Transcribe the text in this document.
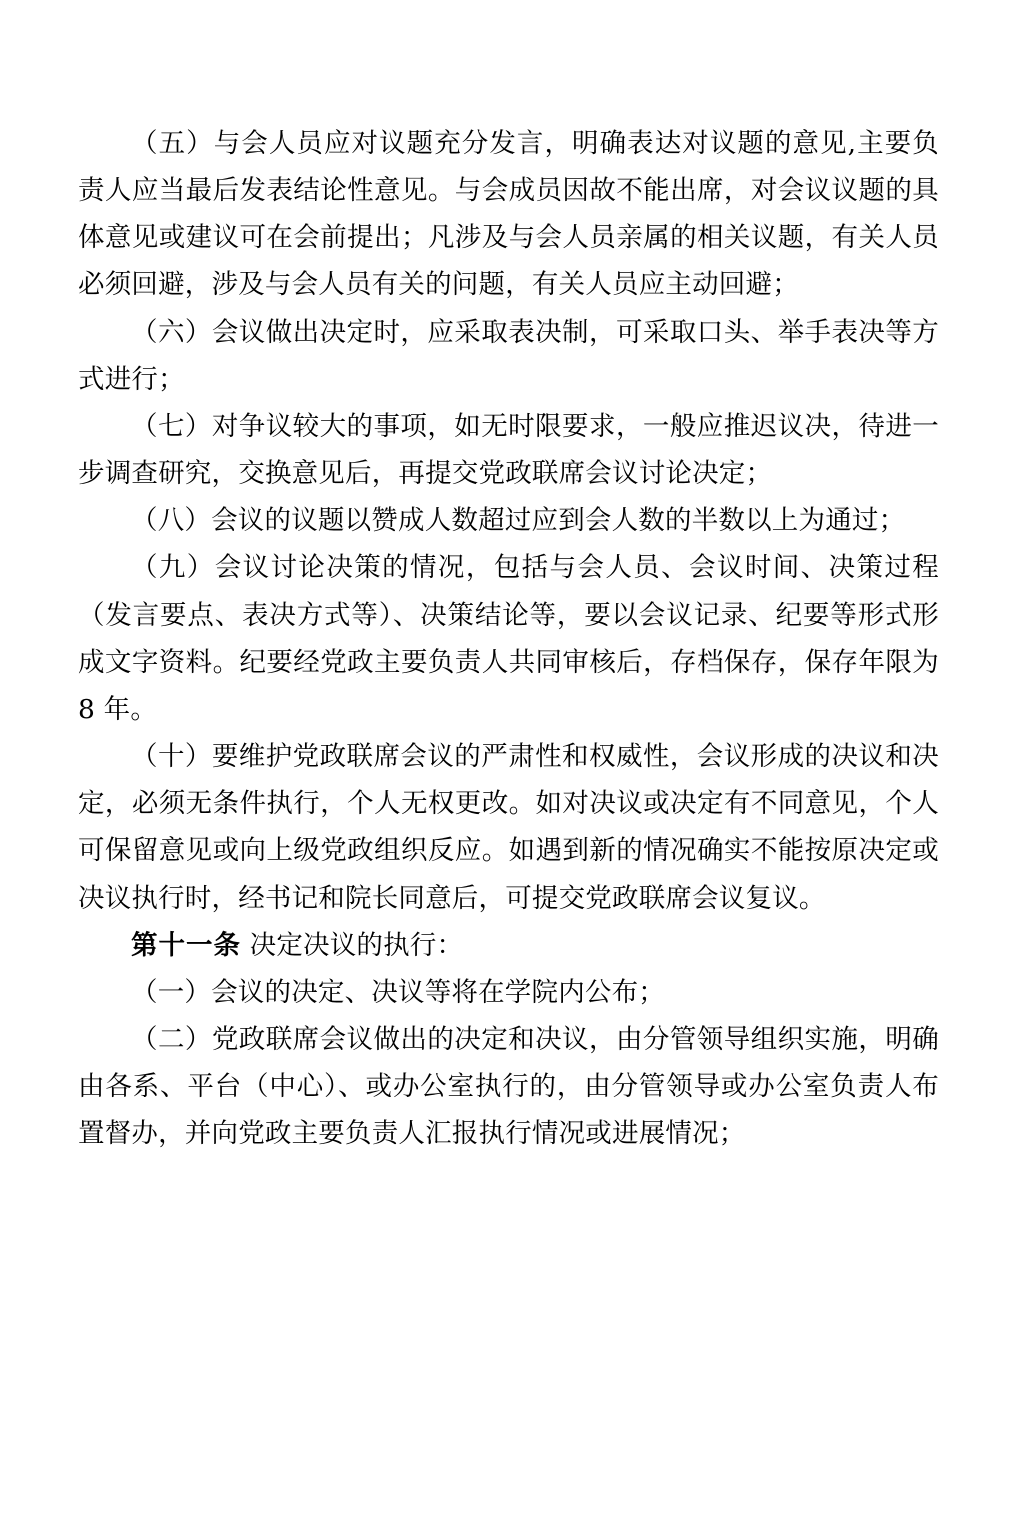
（五）与会人员应对议题充分发言，明确表达对议题的意见,主要负责人应当最后发表结论性意见。与会成员因故不能出席，对会议议题的具体意见或建议可在会前提出；凡涉及与会人员亲属的相关议题，有关人员必须回避，涉及与会人员有关的问题，有关人员应主动回避；

（六）会议做出决定时，应采取表决制，可采取口头、举手表决等方式进行；

（七）对争议较大的事项，如无时限要求，一般应推迟议决，待进一步调查研究，交换意见后，再提交党政联席会议讨论决定；

（八）会议的议题以赞成人数超过应到会人数的半数以上为通过；

（九）会议讨论决策的情况，包括与会人员、会议时间、决策过程（发言要点、表决方式等）、决策结论等，要以会议记录、纪要等形式形成文字资料。纪要经党政主要负责人共同审核后，存档保存，保存年限为 8 年。

（十）要维护党政联席会议的严肃性和权威性，会议形成的决议和决定，必须无条件执行，个人无权更改。如对决议或决定有不同意见，个人可保留意见或向上级党政组织反应。如遇到新的情况确实不能按原决定或决议执行时，经书记和院长同意后，可提交党政联席会议复议。

第十一条 决定决议的执行：

（一）会议的决定、决议等将在学院内公布；

（二）党政联席会议做出的决定和决议，由分管领导组织实施，明确由各系、平台（中心）、或办公室执行的，由分管领导或办公室负责人布置督办，并向党政主要负责人汇报执行情况或进展情况；
